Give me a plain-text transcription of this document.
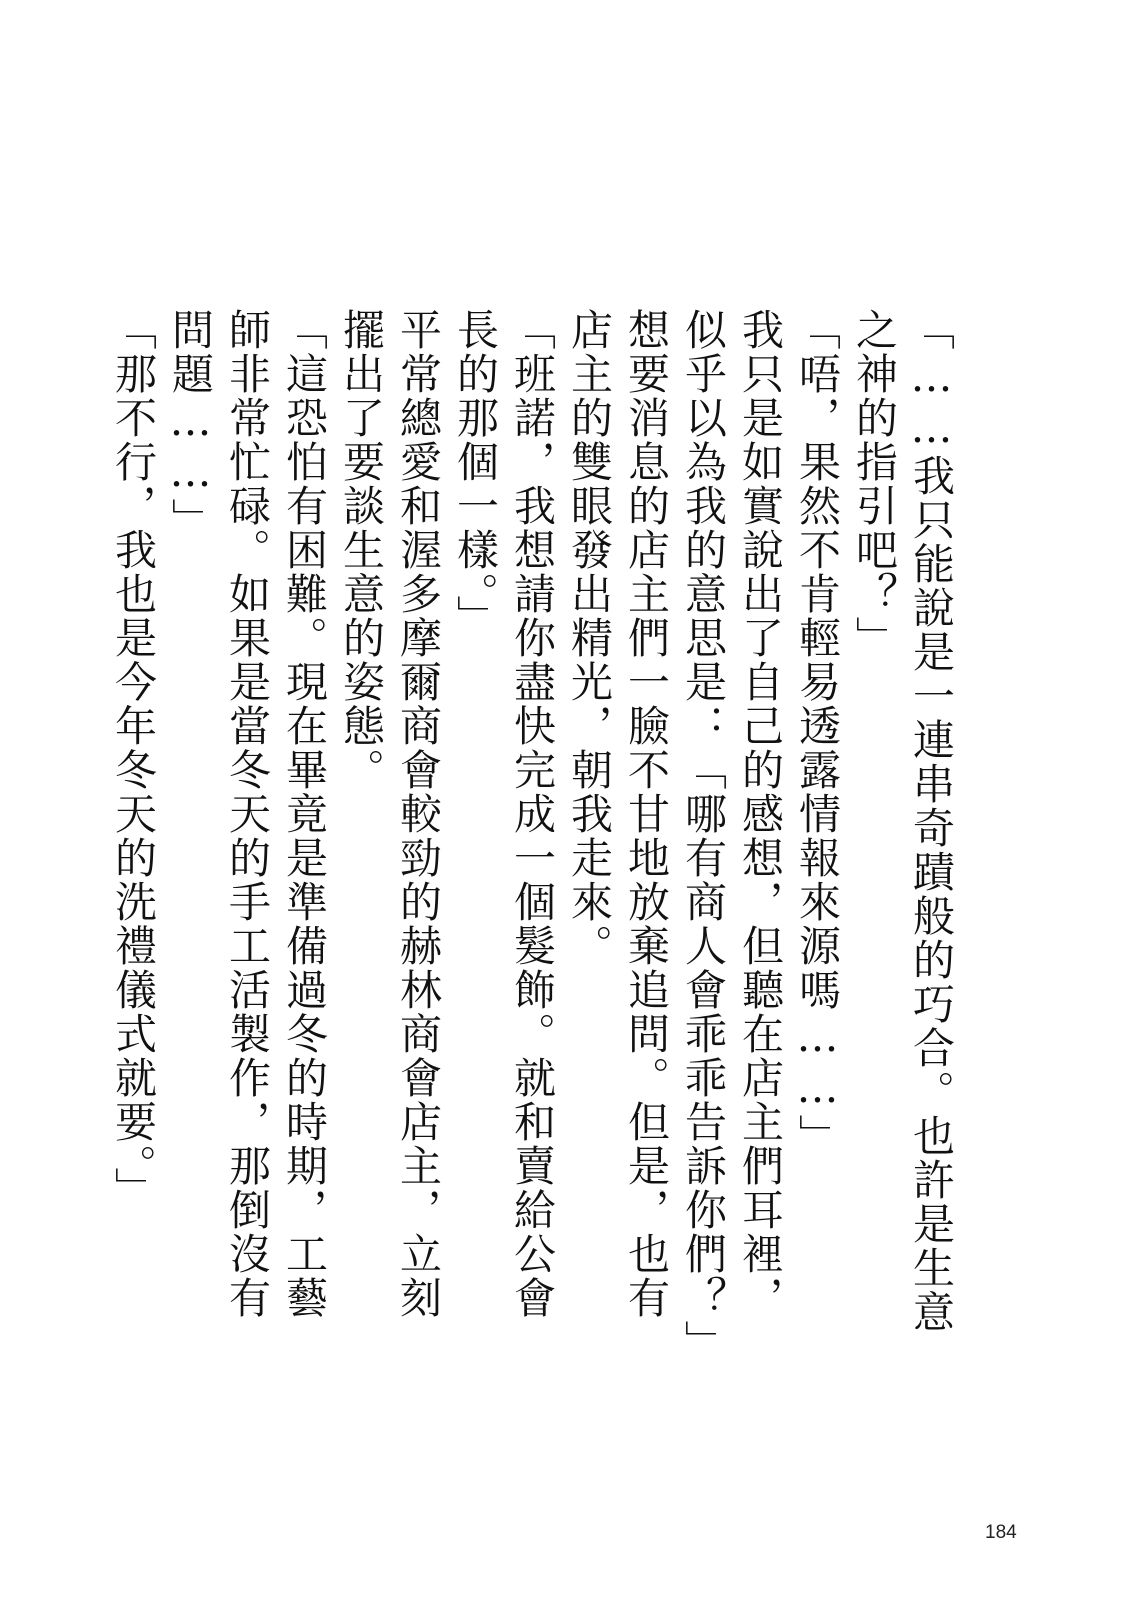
「……我只能說是一連串奇蹟般的巧合。也許是生意之神的指引吧？」

「唔，果然不肯輕易透露情報來源嗎……」

我只是如實說出了自己的感想，但聽在店主們耳裡，似乎以為我的意思是：「哪有商人會乖乖告訴你們？」想要消息的店主們一臉不甘地放棄追問。但是，也有店主的雙眼發出精光，朝我走來。

「班諾，我想請你盡快完成一個髮飾。就和賣給公會長的那個一樣。」

平常總愛和渥多摩爾商會較勁的赫林商會店主，立刻擺出了要談生意的姿態。

「這恐怕有困難。現在畢竟是準備過冬的時期，工藝師非常忙碌。如果是當冬天的手工活製作，那倒沒有問題……」

「那不行，我也是今年冬天的洗禮儀式就要。」

184
